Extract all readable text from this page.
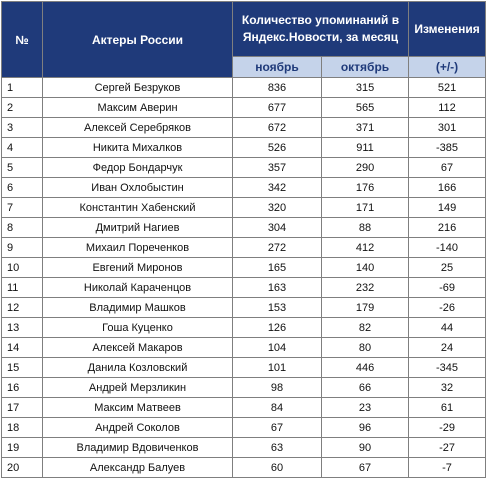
№	Актеры России	Количество упоминаний в Яндекс.Новости, за месяц		Изменения
		ноябрь	октябрь	(+/-)
1	Сергей Безруков	836	315	521
2	Максим Аверин	677	565	112
3	Алексей Серебряков	672	371	301
4	Никита Михалков	526	911	-385
5	Федор Бондарчук	357	290	67
6	Иван Охлобыстин	342	176	166
7	Константин Хабенский	320	171	149
8	Дмитрий Нагиев	304	88	216
9	Михаил Пореченков	272	412	-140
10	Евгений Миронов	165	140	25
11	Николай Караченцов	163	232	-69
12	Владимир Машков	153	179	-26
13	Гоша Куценко	126	82	44
14	Алексей Макаров	104	80	24
15	Данила Козловский	101	446	-345
16	Андрей Мерзликин	98	66	32
17	Максим Матвеев	84	23	61
18	Андрей Соколов	67	96	-29
19	Владимир Вдовиченков	63	90	-27
20	Александр Балуев	60	67	-7
